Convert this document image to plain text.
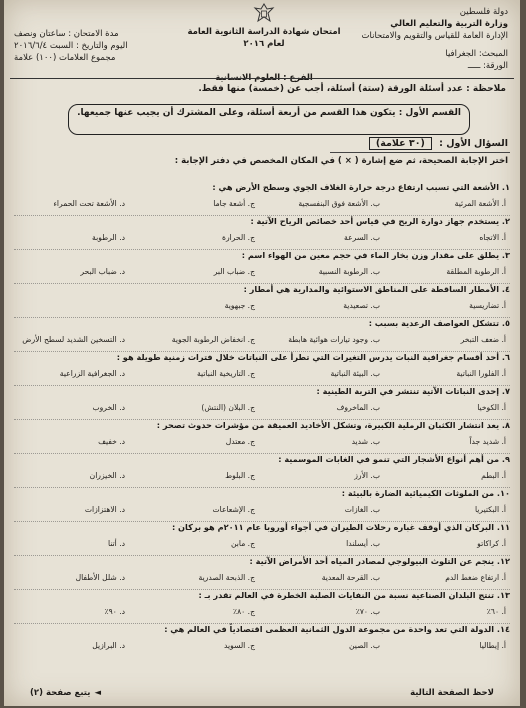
دولة فلسطين
وزارة التربية والتعليم العالي
الإدارة العامة للقياس والتقويم والامتحانات
المبحث: الجغرافيا
الورقة: ـــــ
امتحان شهادة الدراسة الثانوية العامة لعام ٢٠١٦
الفرع : العلوم الانسانية
مدة الامتحان : ساعتان ونصف
اليوم والتاريخ : السبت ٢٠١٦/٦/٤
مجموع العلامات (١٠٠) علامة
ملاحظة : عدد أسئلة الورقة (ستة) أسئلة، أجب عن (خمسة) منها فقط.
القسم الأول : يتكون هذا القسم من أربعة أسئلة، وعلى المشترك أن يجيب عنها جميعها.
السؤال الأول : (٣٠ علامة)
اختر الإجابة الصحيحة، ثم ضع إشارة ( × ) في المكان المخصص في دفتر الإجابة :
١. الأشعة التي تسبب ارتفاع درجة حرارة الغلاف الجوي وسطح الأرض هي :
أ. الأشعة المرئية
ب. الأشعة فوق البنفسجية
ج. أشعة جاما
د. الأشعة تحت الحمراء
٢. يستخدم جهاز دوارة الريح في قياس أحد خصائص الرياح الآتية :
أ. الاتجاه
ب. السرعة
ج. الحرارة
د. الرطوبة
٣. يطلق على مقدار وزن بخار الماء في حجم معين من الهواء اسم :
أ. الرطوبة المطلقة
ب. الرطوبة النسبية
ج. ضباب البر
د. ضباب البحر
٤. الأمطار الساقطة على المناطق الاستوائية والمدارية هي أمطار :
أ. تضاريسية
ب. تصعيدية
ج. جبهوية
٥. تتشكل العواصف الرعدية بسبب :
أ. ضعف التبخر
ب. وجود تيارات هوائية هابطة
ج. انخفاض الرطوبة الجوية
د. التسخين الشديد لسطح الأرض
٦. أحد أقسام جغرافية النبات يدرس التغيرات التي تطرأ على النباتات خلال فترات زمنية طويلة هو :
أ. الفلورا النباتية
ب. البيئة النباتية
ج. التاريخية النباتية
د. الجغرافية الزراعية
٧. إحدى النباتات الآتية تنتشر في التربة الطينية :
أ. الكوخيا
ب. الماخروف
ج. البلان (النتش)
د. الخروب
٨. يعد انتشار الكثبان الرملية الكبيرة، وتشكل الأخاديد العميقة من مؤشرات حدوث تصحر :
أ. شديد جداً
ب. شديد
ج. معتدل
د. خفيف
٩. من أهم أنواع الأشجار التي تنمو في الغابات الموسمية :
أ. البطم
ب. الأرز
ج. البلوط
د. الخيزران
١٠. من الملوثات الكيميائية الضارة بالبيئة :
أ. البكتيريا
ب. الغازات
ج. الإشعاعات
د. الاهتزازات
١١. البركان الذي أوقف غباره رحلات الطيران في أجواء أوروبا عام ٢٠١١م هو بركان :
أ. كراكاتو
ب. أيسلندا
ج. مابن
د. أتنا
١٢. ينجم عن التلوث البيولوجي لمصادر المياه أحد الأمراض الآتية :
أ. ارتفاع ضغط الدم
ب. القرحة المعدية
ج. الذبحة الصدرية
د. شلل الأطفال
١٣. تنتج البلدان الصناعية نسبة من النفايات الصلبة الخطرة في العالم تقدر بـ :
أ. ٦٠٪
ب. ٧٠٪
ج. ٨٠٪
د. ٩٠٪
١٤. الدولة التي تعد واحدة من مجموعة الدول الثمانية العظمى اقتصادياً في العالم هي :
أ. إيطاليا
ب. الصين
ج. السويد
د. البرازيل
لاحظ الصفحة التالية
◄يتبع صفحة (٢)
